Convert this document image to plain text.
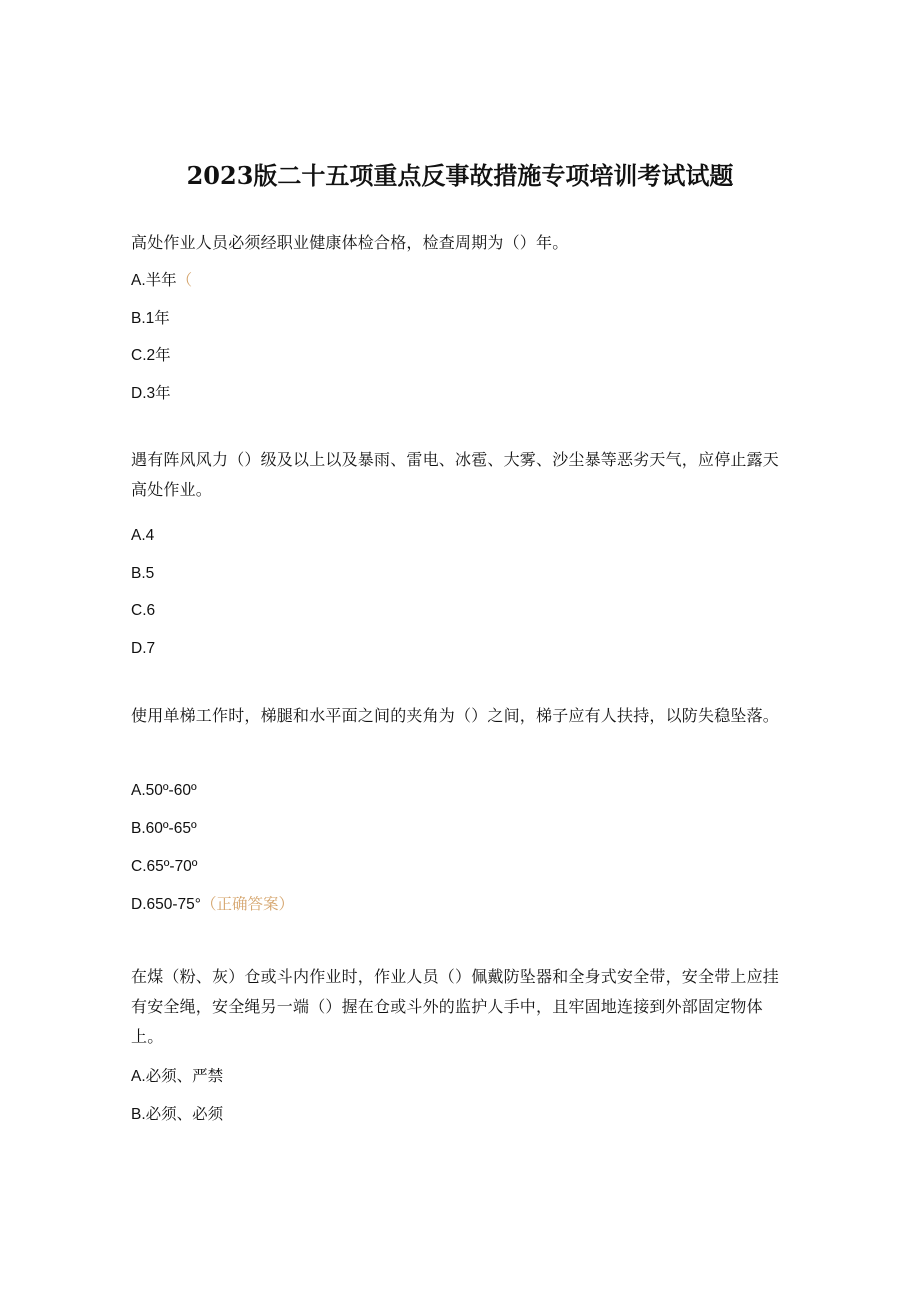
2023版二十五项重点反事故措施专项培训考试试题
高处作业人员必须经职业健康体检合格，检查周期为（）年。
A.半年（
B.1年
C.2年
D.3年
遇有阵风风力（）级及以上以及暴雨、雷电、冰雹、大雾、沙尘暴等恶劣天气，应停止露天高处作业。
A.4
B.5
C.6
D.7
使用单梯工作时，梯腿和水平面之间的夹角为（）之间，梯子应有人扶持，以防失稳坠落。
A.50º-60º
B.60º-65º
C.65º-70º
D.650-75°（正确答案）
在煤（粉、灰）仓或斗内作业时，作业人员（）佩戴防坠器和全身式安全带，安全带上应挂有安全绳，安全绳另一端（）握在仓或斗外的监护人手中，且牢固地连接到外部固定物体上。
A.必须、严禁
B.必须、必须
